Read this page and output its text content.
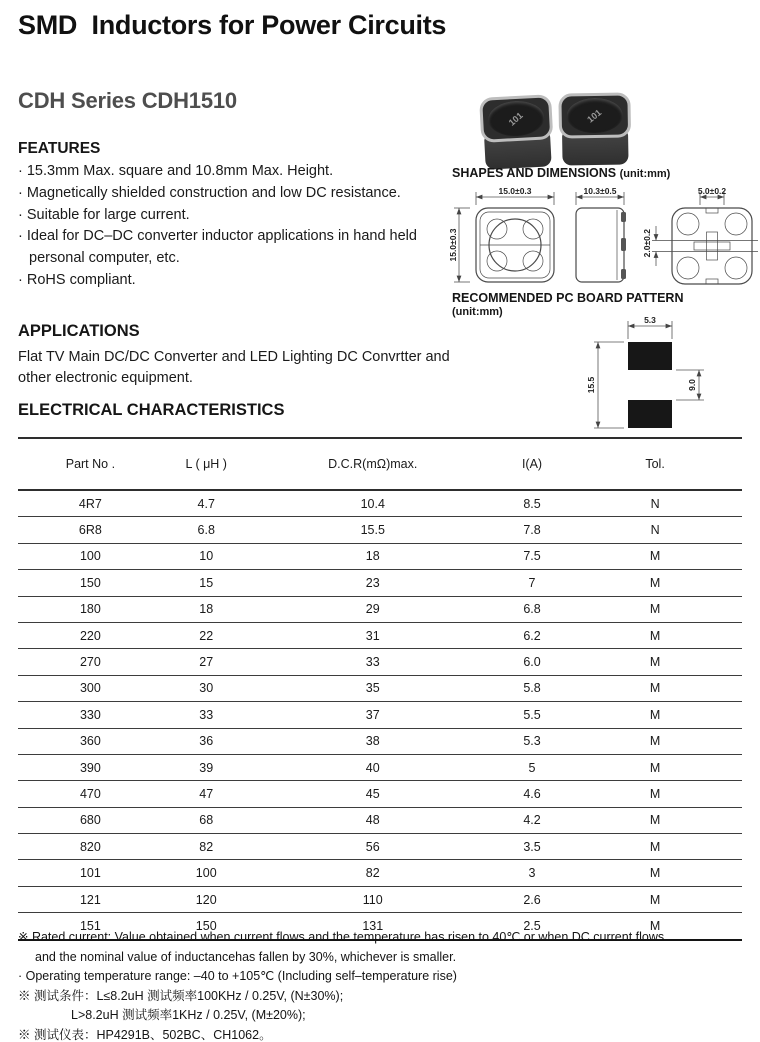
SMD  Inductors for Power Circuits
CDH Series CDH1510
FEATURES
· 15.3mm Max. square and 10.8mm Max. Height.
· Magnetically shielded construction and low DC resistance.
· Suitable for large current.
· Ideal for DC–DC converter inductor applications in hand held personal computer, etc.
· RoHS compliant.
APPLICATIONS
Flat TV Main DC/DC Converter and LED Lighting DC Convrtter and other electronic equipment.
ELECTRICAL CHARACTERISTICS
101	101
SHAPES AND DIMENSIONS (unit:mm)
15.0±0.3
15.0±0.3
10.3±0.5	5.0±0.2
2.0±0.2
RECOMMENDED PC BOARD PATTERN
(unit:mm)
5.3
15.5	9.0
Part No .	L ( μH )	D.C.R(mΩ)max.	I(A)	Tol.
4R7	4.7	10.4	8.5	N
6R8	6.8	15.5	7.8	N
100	10	18	7.5	M
150	15	23	7	M
180	18	29	6.8	M
220	22	31	6.2	M
270	27	33	6.0	M
300	30	35	5.8	M
330	33	37	5.5	M
360	36	38	5.3	M
390	39	40	5	M
470	47	45	4.6	M
680	68	48	4.2	M
820	82	56	3.5	M
101	100	82	3	M
121	120	110	2.6	M
151	150	131	2.5	M
※ Rated current: Value obtained when current flows and the temperature has risen to 40℃ or when DC current flows
and the nominal value of inductancehas fallen by 30%, whichever is smaller.
· Operating temperature range: –40 to +105℃ (Including self–temperature rise)
※ 测试条件：L≤8.2uH 测试频率100KHz / 0.25V, (N±30%);
L>8.2uH 测试频率1KHz / 0.25V, (M±20%);
※ 测试仪表：HP4291B、502BC、CH1062。
